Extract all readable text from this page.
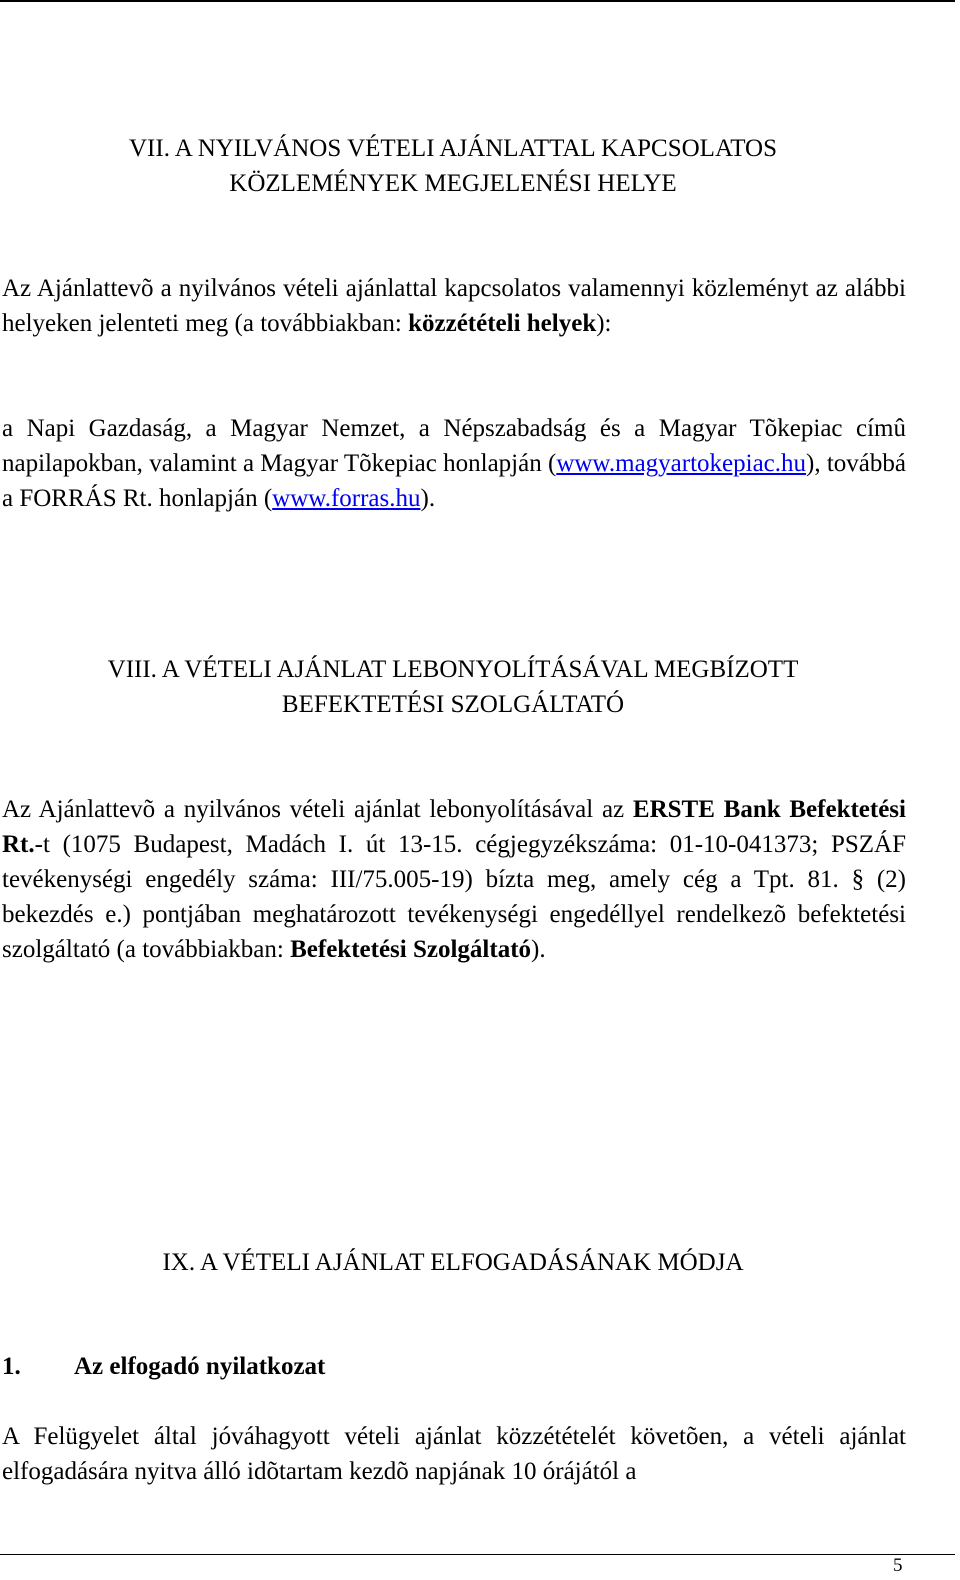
VII. A NYILVÁNOS VÉTELI AJÁNLATTAL KAPCSOLATOS
KÖZLEMÉNYEK MEGJELENÉSI HELYE

Az Ajánlattevõ a nyilvános vételi ajánlattal kapcsolatos valamennyi közleményt az alábbi helyeken jelenteti meg (a továbbiakban: közzétételi helyek):

a Napi Gazdaság, a Magyar Nemzet, a Népszabadság és a Magyar Tõkepiac címû napilapokban, valamint a Magyar Tõkepiac honlapján (www.magyartokepiac.hu), továbbá a FORRÁS Rt. honlapján (www.forras.hu).

VIII. A VÉTELI AJÁNLAT LEBONYOLÍTÁSÁVAL MEGBÍZOTT
BEFEKTETÉSI SZOLGÁLTATÓ

Az Ajánlattevõ a nyilvános vételi ajánlat lebonyolításával az ERSTE Bank Befektetési Rt.-t (1075 Budapest, Madách I. út 13-15. cégjegyzékszáma: 01-10-041373; PSZÁF tevékenységi engedély száma: III/75.005-19) bízta meg, amely cég a Tpt. 81. § (2) bekezdés e.) pontjában meghatározott tevékenységi engedéllyel rendelkezõ befektetési szolgáltató (a továbbiakban: Befektetési Szolgáltató).

IX. A VÉTELI AJÁNLAT ELFOGADÁSÁNAK MÓDJA
1. Az elfogadó nyilatkozat

A Felügyelet által jóváhagyott vételi ajánlat közzétételét követõen, a vételi ajánlat elfogadására nyitva álló idõtartam kezdõ napjának 10 órájától a

5
